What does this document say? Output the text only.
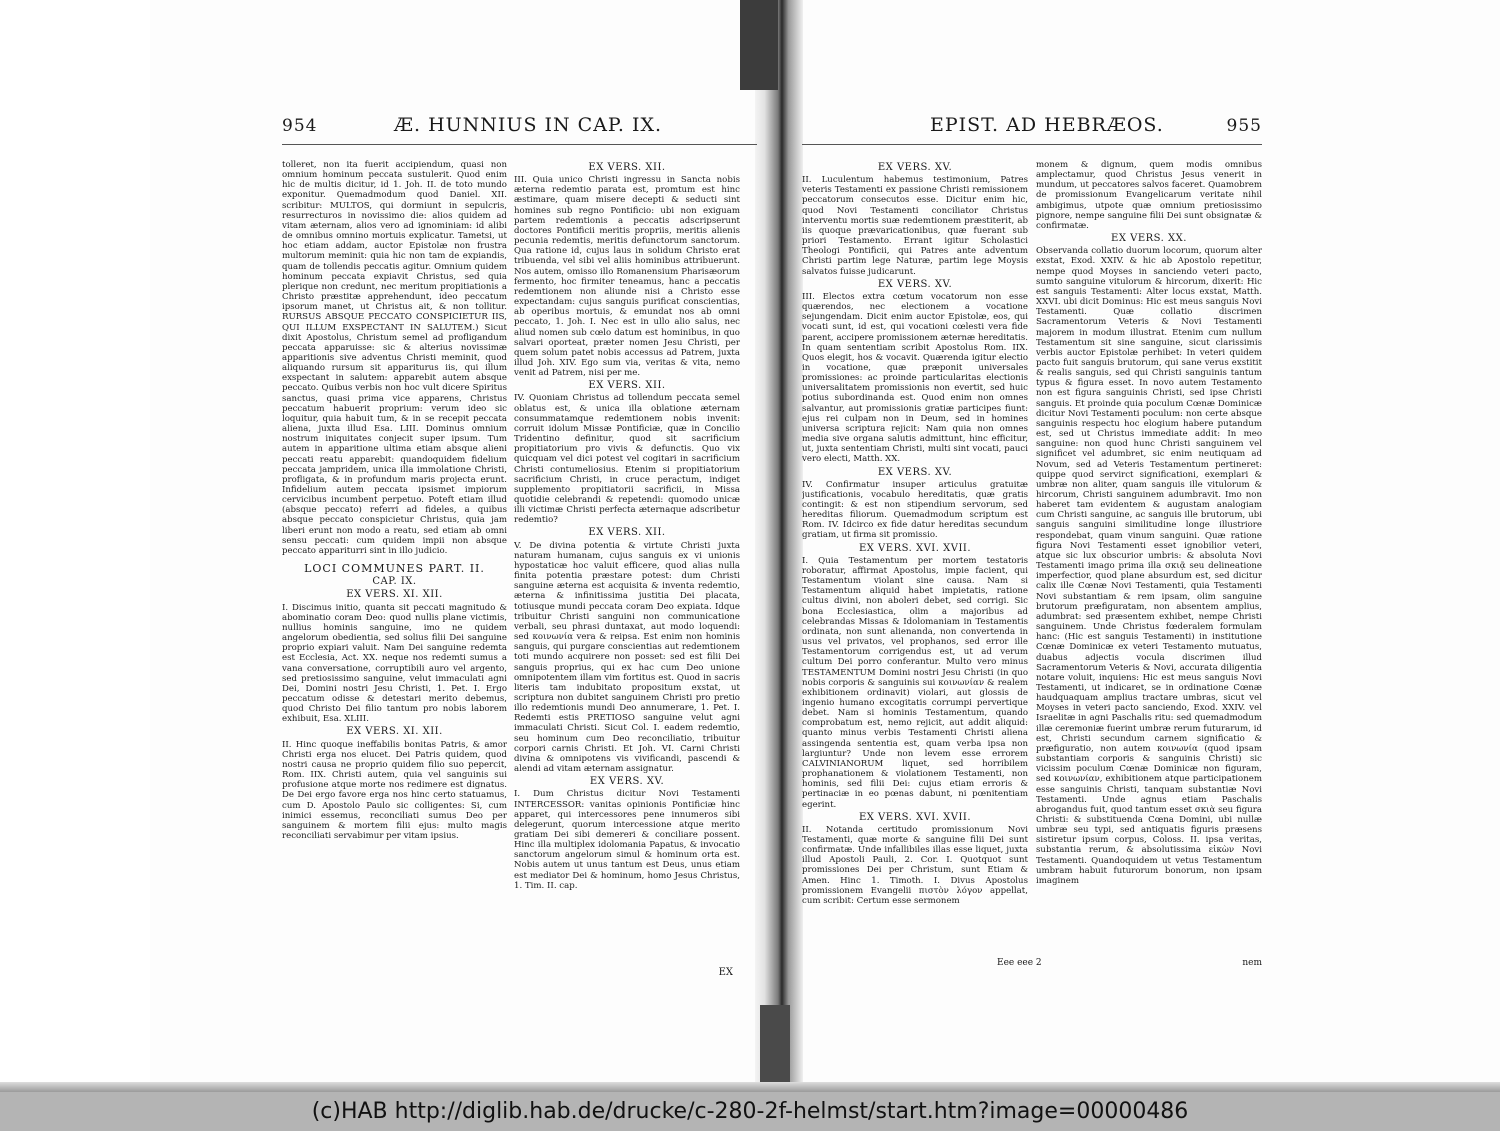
954	Æ. HUNNIUS IN CAP. IX.

tolleret, non ita fuerit accipiendum, quasi non omnium hominum peccata sustulerit. Quod enim hic de multis dicitur, id 1. Joh. II. de toto mundo exponitur. Quemadmodum quod Daniel. XII. scribitur: MULTOS, qui dormiunt in sepulcris, resurrecturos in novissimo die: alios quidem ad vitam æternam, alios vero ad ignominiam: id alibi de omnibus omnino mortuis explicatur. Tametsi, ut hoc etiam addam, auctor Epistolæ non frustra multorum meminit: quia hic non tam de expiandis, quam de tollendis peccatis agitur. Omnium quidem hominum peccata expiavit Christus, sed quia plerique non credunt, nec meritum propitiationis a Christo præstitæ apprehendunt, ideo peccatum ipsorum manet, ut Christus ait, & non tollitur. RURSUS ABSQUE PECCATO CONSPICIETUR IIS, QUI ILLUM EXSPECTANT IN SALUTEM.) Sicut dixit Apostolus, Christum semel ad profligandum peccata apparuisse: sic & alterius novissimæ apparitionis sive adventus Christi meminit, quod aliquando rursum sit appariturus iis, qui illum exspectant in salutem: apparebit autem absque peccato. Quibus verbis non hoc vult dicere Spiritus sanctus, quasi prima vice apparens, Christus peccatum habuerit proprium: verum ideo sic loquitur, quia habuit tum, & in se recepit peccata aliena, juxta illud Esa. LIII. Dominus omnium nostrum iniquitates conjecit super ipsum. Tum autem in apparitione ultima etiam absque alieni peccati reatu apparebit: quandoquidem fidelium peccata jampridem, unica illa immolatione Christi, profligata, & in profundum maris projecta erunt. Infidelium autem peccata ipsismet impiorum cervicibus incumbent perpetuo. Poteft etiam illud (absque peccato) referri ad fideles, a quibus absque peccato conspicietur Christus, quia jam liberi erunt non modo a reatu, sed etiam ab omni sensu peccati: cum quidem impii non absque peccato appariturri sint in illo judicio.

LOCI COMMUNES PART. II.
CAP. IX.
EX VERS. XI. XII.

I. Discimus initio, quanta sit peccati magnitudo & abominatio coram Deo: quod nullis plane victimis, nullius hominis sanguine, imo ne quidem angelorum obedientia, sed solius filii Dei sanguine proprio expiari valuit. Nam Dei sanguine redemta est Ecclesia, Act. XX. neque nos redemti sumus a vana conversatione, corruptibili auro vel argento, sed pretiosissimo sanguine, velut immaculati agni Dei, Domini nostri Jesu Christi, 1. Pet. I. Ergo peccatum odisse & detestari merito debemus, quod Christo Dei filio tantum pro nobis laborem exhibuit, Esa. XLIII.

EX VERS. XI. XII.

II. Hinc quoque ineffabilis bonitas Patris, & amor Christi erga nos elucet. Dei Patris quidem, quod nostri causa ne proprio quidem filio suo pepercit, Rom. IIX. Christi autem, quia vel sanguinis sui profusione atque morte nos redimere est dignatus. De Dei ergo favore erga nos hinc certo statuamus, cum D. Apostolo Paulo sic colligentes: Si, cum inimici essemus, reconciliati sumus Deo per sanguinem & mortem filii ejus: multo magis reconciliati servabimur per vitam ipsius.

EX VERS. XII.

III. Quia unico Christi ingressu in Sancta nobis æterna redemtio parata est, promtum est hinc æstimare, quam misere decepti & seducti sint homines sub regno Pontificio: ubi non exiguam partem redemtionis a peccatis adscripserunt doctores Pontificii meritis propriis, meritis alienis pecunia redemtis, meritis defunctorum sanctorum. Qua ratione id, cujus laus in solidum Christo erat tribuenda, vel sibi vel aliis hominibus attribuerunt. Nos autem, omisso illo Romanensium Pharisæorum fermento, hoc firmiter teneamus, hanc a peccatis redemtionem non aliunde nisi a Christo esse expectandam: cujus sanguis purificat conscientias, ab operibus mortuis, & emundat nos ab omni peccato, 1. Joh. I. Nec est in ullo alio salus, nec aliud nomen sub cœlo datum est hominibus, in quo salvari oporteat, præter nomen Jesu Christi, per quem solum patet nobis accessus ad Patrem, juxta illud Joh. XIV. Ego sum via, veritas & vita, nemo venit ad Patrem, nisi per me.

EX VERS. XII.

IV. Quoniam Christus ad tollendum peccata semel oblatus est, & unica illa oblatione æternam consummatamque redemtionem nobis invenit: corruit idolum Missæ Pontificiæ, quæ in Concilio Tridentino definitur, quod sit sacrificium propitiatorium pro vivis & defunctis. Quo vix quicquam vel dici potest vel cogitari in sacrificium Christi contumeliosius. Etenim si propitiatorium sacrificium Christi, in cruce peractum, indiget supplemento propitiatorii sacrificii, in Missa quotidie celebrandi & repetendi: quomodo unicæ illi victimæ Christi perfecta æternaque adscribetur redemtio?

EX VERS. XII.

V. De divina potentia & virtute Christi juxta naturam humanam, cujus sanguis ex vi unionis hypostaticæ hoc valuit efficere, quod alias nulla finita potentia præstare potest: dum Christi sanguine æterna est acquisita & inventa redemtio, æterna & infinitissima justitia Dei placata, totiusque mundi peccata coram Deo expiata. Idque tribuitur Christi sanguini non communicatione verbali, seu phrasi duntaxat, aut modo loquendi: sed κοινωνία vera & reipsa. Est enim non hominis sanguis, qui purgare conscientias aut redemtionem toti mundo acquirere non posset: sed est filii Dei sanguis proprius, qui ex hac cum Deo unione omnipotentem illam vim fortitus est. Quod in sacris literis tam indubitato propositum exstat, ut scriptura non dubitet sanguinem Christi pro pretio illo redemtionis mundi Deo annumerare, 1. Pet. I. Redemti estis PRETIOSO sanguine velut agni immaculati Christi. Sicut Col. I. eadem redemtio, seu hominum cum Deo reconciliatio, tribuitur corpori carnis Christi. Et Joh. VI. Carni Christi divina & omnipotens vis vivificandi, pascendi & alendi ad vitam æternam assignatur.

EX VERS. XV.

I. Dum Christus dicitur Novi Testamenti INTERCESSOR: vanitas opinionis Pontificiæ hinc apparet, qui intercessores pene innumeros sibi delegerunt, quorum intercessione atque merito gratiam Dei sibi demereri & conciliare possent. Hinc illa multiplex idolomania Papatus, & invocatio sanctorum angelorum simul & hominum orta est. Nobis autem ut unus tantum est Deus, unus etiam est mediator Dei & hominum, homo Jesus Christus, 1. Tim. II. cap.

EX
EPIST. AD HEBRÆOS.	955
EX VERS. XV.

II. Luculentum habemus testimonium, Patres veteris Testamenti ex passione Christi remissionem peccatorum consecutos esse. Dicitur enim hic, quod Novi Testamenti conciliator Christus interventu mortis suæ redemtionem præstiterit, ab iis quoque prævaricationibus, quæ fuerant sub priori Testamento. Errant igitur Scholastici Theologi Pontificii, qui Patres ante adventum Christi partim lege Naturæ, partim lege Moysis salvatos fuisse judicarunt.

EX VERS. XV.

III. Electos extra cœtum vocatorum non esse quærendos, nec electionem a vocatione sejungendam. Dicit enim auctor Epistolæ, eos, qui vocati sunt, id est, qui vocationi cœlesti vera fide parent, accipere promissionem æternæ hereditatis. In quam sententiam scribit Apostolus Rom. IIX. Quos elegit, hos & vocavit. Quærenda igitur electio in vocatione, quæ præponit universales promissiones: ac proinde particularitas electionis universalitatem promissionis non evertit, sed huic potius subordinanda est. Quod enim non omnes salvantur, aut promissionis gratiæ participes fiunt: ejus rei culpam non in Deum, sed in homines universa scriptura rejicit: Nam quia non omnes media sive organa salutis admittunt, hinc efficitur, ut, juxta sententiam Christi, multi sint vocati, pauci vero electi, Matth. XX.

EX VERS. XV.

IV. Confirmatur insuper articulus gratuitæ justificationis, vocabulo hereditatis, quæ gratis contingit: & est non stipendium servorum, sed hereditas filiorum. Quemadmodum scriptum est Rom. IV. Idcirco ex fide datur hereditas secundum gratiam, ut firma sit promissio.

EX VERS. XVI. XVII.

I. Quia Testamentum per mortem testatoris roboratur, affirmat Apostolus, impie facient, qui Testamentum violant sine causa. Nam si Testamentum aliquid habet impietatis, ratione cultus divini, non aboleri debet, sed corrigi. Sic bona Ecclesiastica, olim a majoribus ad celebrandas Missas & Idolomaniam in Testamentis ordinata, non sunt alienanda, non convertenda in usus vel privatos, vel prophanos, sed error ille Testamentorum corrigendus est, ut ad verum cultum Dei porro conferantur. Multo vero minus TESTAMENTUM Domini nostri Jesu Christi (in quo nobis corporis & sanguinis sui κοινωνίαν & realem exhibitionem ordinavit) violari, aut glossis de ingenio humano excogitatis corrumpi pervertique debet. Nam si hominis Testamentum, quando comprobatum est, nemo rejicit, aut addit aliquid: quanto minus verbis Testamenti Christi aliena assingenda sententia est, quam verba ipsa non largiuntur? Unde non levem esse errorem CALVINIANORUM liquet, sed horribilem prophanationem & violationem Testamenti, non hominis, sed filii Dei: cujus etiam erroris & pertinaciæ in eo pœnas dabunt, ni pœnitentiam egerint.

EX VERS. XVI. XVII.

II. Notanda certitudo promissionum Novi Testamenti, quæ morte & sanguine filii Dei sunt confirmatæ. Unde infallibiles illas esse liquet, juxta illud Apostoli Pauli, 2. Cor. I. Quotquot sunt promissiones Dei per Christum, sunt Etiam & Amen. Hinc 1. Timoth. I. Divus Apostolus promissionem Evangelii πιστὸν λόγον appellat, cum scribit: Certum esse sermonem

monem & dignum, quem modis omnibus amplectamur, quod Christus Jesus venerit in mundum, ut peccatores salvos faceret. Quamobrem de promissionum Evangelicarum veritate nihil ambigimus, utpote quæ omnium pretiosissimo pignore, nempe sanguine filii Dei sunt obsignatæ & confirmatæ.

EX VERS. XX.

Observanda collatio duorum locorum, quorum alter exstat, Exod. XXIV. & hic ab Apostolo repetitur, nempe quod Moyses in sanciendo veteri pacto, sumto sanguine vitulorum & hircorum, dixerit: Hic est sanguis Testamenti: Alter locus exstat, Matth. XXVI. ubi dicit Dominus: Hic est meus sanguis Novi Testamenti. Quæ collatio discrimen Sacramentorum Veteris & Novi Testamenti majorem in modum illustrat. Etenim cum nullum Testamentum sit sine sanguine, sicut clarissimis verbis auctor Epistolæ perhibet: In veteri quidem pacto fuit sanguis brutorum, qui sane verus exstitit & realis sanguis, sed qui Christi sanguinis tantum typus & figura esset. In novo autem Testamento non est figura sanguinis Christi, sed ipse Christi sanguis. Et proinde quia poculum Cœnæ Dominicæ dicitur Novi Testamenti poculum: non certe absque sanguinis respectu hoc elogium habere putandum est, sed ut Christus immediate addit: In meo sanguine: non quod hunc Christi sanguinem vel significet vel adumbret, sic enim neutiquam ad Novum, sed ad Veteris Testamentum pertineret: quippe quod servirct significationi, exemplari & umbræ non aliter, quam sanguis ille vitulorum & hircorum, Christi sanguinem adumbravit. Imo non haberet tam evidentem & augustam analogiam cum Christi sanguine, ac sanguis ille brutorum, ubi sanguis sanguini similitudine longe illustriore respondebat, quam vinum sanguini. Quæ ratione figura Novi Testamenti esset ignobilior veteri, atque sic lux obscurior umbris: & absoluta Novi Testamenti imago prima illa σκιᾷ seu delineatione imperfectior, quod plane absurdum est, sed dicitur calix ille Cœnæ Novi Testamenti, quia Testamenti Novi substantiam & rem ipsam, olim sanguine brutorum præfiguratam, non absentem amplius, adumbrat: sed præsentem exhibet, nempe Christi sanguinem. Unde Christus fœderalem formulam hanc: (Hic est sanguis Testamenti) in institutione Cœnæ Dominicæ ex veteri Testamento mutuatus, duabus adjectis vocula discrimen illud Sacramentorum Veteris & Novi, accurata diligentia notare voluit, inquiens: Hic est meus sanguis Novi Testamenti, ut indicaret, se in ordinatione Cœnæ haudquaquam amplius tractare umbras, sicut vel Moyses in veteri pacto sanciendo, Exod. XXIV. vel Israelitæ in agni Paschalis ritu: sed quemadmodum illæ ceremoniæ fuerint umbræ rerum futurarum, id est, Christi secundum carnem significatio & præfiguratio, non autem κοινωνία (quod ipsam substantiam corporis & sanguinis Christi) sic vicissim poculum Cœnæ Dominicæ non figuram, sed κοινωνίαν, exhibitionem atque participationem esse sanguinis Christi, tanquam substantiæ Novi Testamenti. Unde agnus etiam Paschalis abrogandus fuit, quod tantum esset σκιὰ seu figura Christi: & substituenda Cœna Domini, ubi nullæ umbræ seu typi, sed antiquatis figuris præsens sistiretur ipsum corpus, Coloss. II. ipsa veritas, substantia rerum, & absolutissima εἰκὼν Novi Testamenti. Quandoquidem ut vetus Testamentum umbram habuit futurorum bonorum, non ipsam imaginem

Eee eee 2	nem
(c)HAB http://diglib.hab.de/drucke/c-280-2f-helmst/start.htm?image=00000486
